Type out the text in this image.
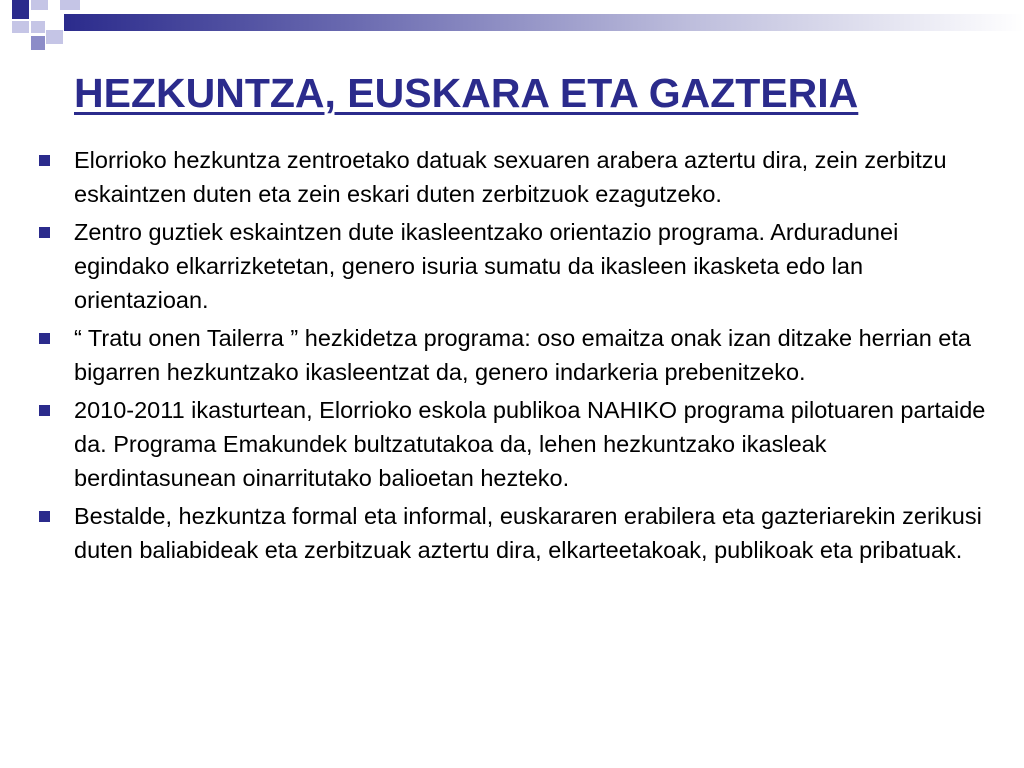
HEZKUNTZA, EUSKARA ETA GAZTERIA
Elorrioko hezkuntza zentroetako datuak sexuaren arabera aztertu dira, zein zerbitzu eskaintzen duten eta zein eskari duten zerbitzuok ezagutzeko.
Zentro guztiek eskaintzen dute ikasleentzako orientazio programa. Arduradunei egindako elkarrizketetan, genero isuria sumatu da ikasleen ikasketa edo lan orientazioan.
“ Tratu onen Tailerra ” hezkidetza programa: oso emaitza onak izan ditzake herrian eta bigarren hezkuntzako ikasleentzat da, genero indarkeria prebenitzeko.
2010-2011 ikasturtean, Elorrioko eskola publikoa NAHIKO programa pilotuaren partaide da. Programa Emakundek bultzatutakoa da, lehen hezkuntzako ikasleak berdintasunean oinarritutako balioetan hezteko.
Bestalde, hezkuntza formal eta informal, euskararen erabilera eta gazteriarekin zerikusi duten baliabideak eta zerbitzuak aztertu dira, elkarteetakoak, publikoak eta pribatuak.
